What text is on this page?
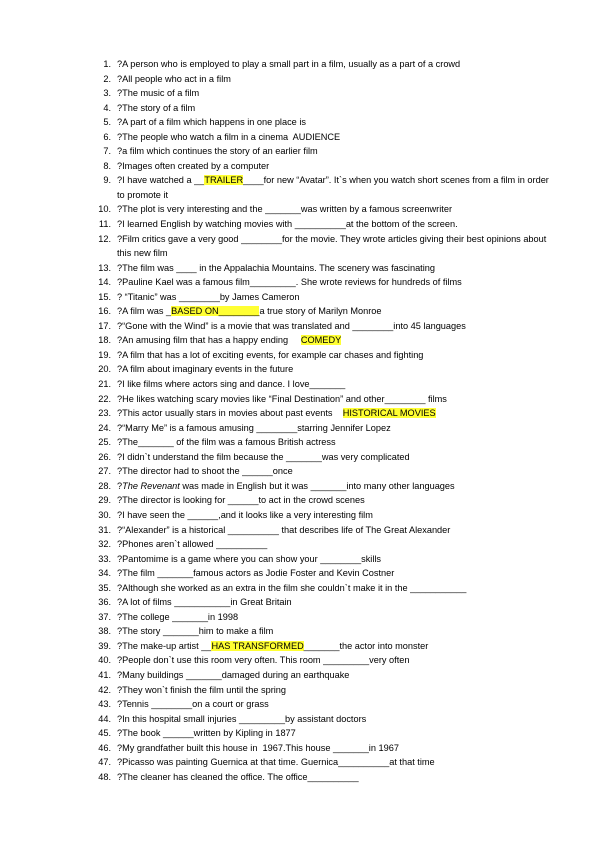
1. ?A person who is employed to play a small part in a film, usually as a part of a crowd
2. ?All people who act in a film
3. ?The music of a film
4. ?The story of a film
5. ?A part of a film which happens in one place is
6. ?The people who watch a film in a cinema  AUDIENCE
7. ?a film which continues the story of an earlier film
8. ?Images often created by a computer
9. ?I have watched a __TRAILER____for new “Avatar”. It`s when you watch short scenes from a film in order to promote it
10. ?The plot is very interesting and the _______was written by a famous screenwriter
11. ?I learned English by watching movies with __________at the bottom of the screen.
12. ?Film critics gave a very good ________for the movie. They wrote articles giving their best opinions about this new film
13. ?The film was ____ in the Appalachia Mountains. The scenery was fascinating
14. ?Pauline Kael was a famous film_________. She wrote reviews for hundreds of films
15. ? “Titanic” was ________by James Cameron
16. ?A film was _BASED ON________a true story of Marilyn Monroe
17. ?“Gone with the Wind” is a movie that was translated and ________into 45 languages
18. ?An amusing film that has a happy ending     COMEDY
19. ?A film that has a lot of exciting events, for example car chases and fighting
20. ?A film about imaginary events in the future
21. ?I like films where actors sing and dance. I love_______
22. ?He likes watching scary movies like “Final Destination” and other________ films
23. ?This actor usually stars in movies about past events    HISTORICAL MOVIES
24. ?“Marry Me” is a famous amusing ________starring Jennifer Lopez
25. ?The_______ of the film was a famous British actress
26. ?I didn`t understand the film because the _______was very complicated
27. ?The director had to shoot the ______once
28. ?The Revenant was made in English but it was _______into many other languages
29. ?The director is looking for ______to act in the crowd scenes
30. ?I have seen the ______,and it looks like a very interesting film
31. ?“Alexander” is a historical __________ that describes life of The Great Alexander
32. ?Phones aren`t allowed __________
33. ?Pantomime is a game where you can show your ________skills
34. ?The film _______famous actors as Jodie Foster and Kevin Costner
35. ?Although she worked as an extra in the film she couldn`t make it in the ___________
36. ?A lot of films ___________in Great Britain
37. ?The college _______in 1998
38. ?The story _______him to make a film
39. ?The make-up artist __HAS TRANSFORMED_______the actor into monster
40. ?People don`t use this room very often. This room _________very often
41. ?Many buildings _______damaged during an earthquake
42. ?They won`t finish the film until the spring
43. ?Tennis ________on a court or grass
44. ?In this hospital small injuries _________by assistant doctors
45. ?The book ______written by Kipling in 1877
46. ?My grandfather built this house in  1967.This house _______in 1967
47. ?Picasso was painting Guernica at that time. Guernica__________at that time
48. ?The cleaner has cleaned the office. The office__________
